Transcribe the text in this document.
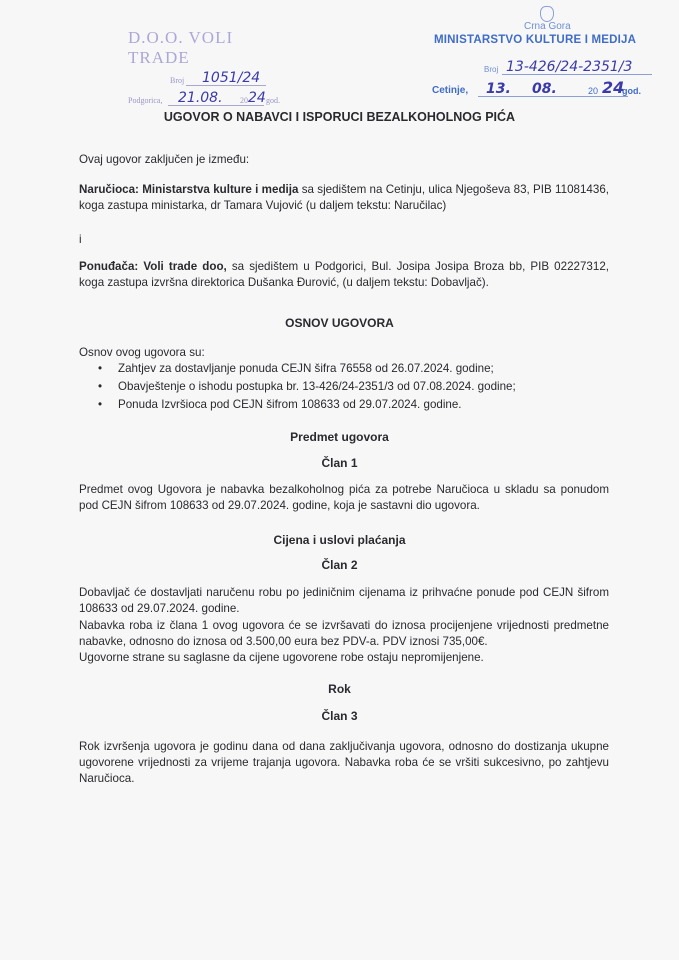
D.O.O. VOLI TRADE
Broj 1051/24
Podgorica, 21.08. 20 24 god.
Crna Gora
MINISTARSTVO KULTURE I MEDIJA
Broj 13-426/24-2351/3
Cetinje, 13. 08.	20 24
god.
UGOVOR O NABAVCI I ISPORUCI BEZALKOHOLNOG PIĆA
Ovaj ugovor zaključen je između:
Naručioca: Ministarstva kulture i medija sa sjedištem na Cetinju, ulica Njegoševa 83, PIB 11081436, koga zastupa ministarka, dr Tamara Vujović (u daljem tekstu: Naručilac)
i
Ponuđača: Voli trade doo, sa sjedištem u Podgorici, Bul. Josipa Josipa Broza bb, PIB 02227312, koga zastupa izvršna direktorica Dušanka Đurović, (u daljem tekstu: Dobavljač).
OSNOV UGOVORA
Osnov ovog ugovora su:
• Zahtjev za dostavljanje ponuda CEJN šifra 76558 od 26.07.2024. godine;
• Obavještenje o ishodu postupka br. 13-426/24-2351/3 od 07.08.2024. godine;
• Ponuda Izvršioca pod CEJN šifrom 108633 od 29.07.2024. godine.
Predmet ugovora
Član 1
Predmet ovog Ugovora je nabavka bezalkoholnog pića za potrebe Naručioca u skladu sa ponudom pod CEJN šifrom 108633 od 29.07.2024. godine, koja je sastavni dio ugovora.
Cijena i uslovi plaćanja
Član 2
Dobavljač će dostavljati naručenu robu po jediničnim cijenama iz prihvaćne ponude pod CEJN šifrom 108633 od 29.07.2024. godine.
Nabavka roba iz člana 1 ovog ugovora će se izvršavati do iznosa procijenjene vrijednosti predmetne nabavke, odnosno do iznosa od 3.500,00 eura bez PDV-a. PDV iznosi 735,00€.
Ugovorne strane su saglasne da cijene ugovorene robe ostaju nepromijenjene.
Rok
Član 3
Rok izvršenja ugovora je godinu dana od dana zaključivanja ugovora, odnosno do dostizanja ukupne ugovorene vrijednosti za vrijeme trajanja ugovora. Nabavka roba će se vršiti sukcesivno, po zahtjevu Naručioca.
